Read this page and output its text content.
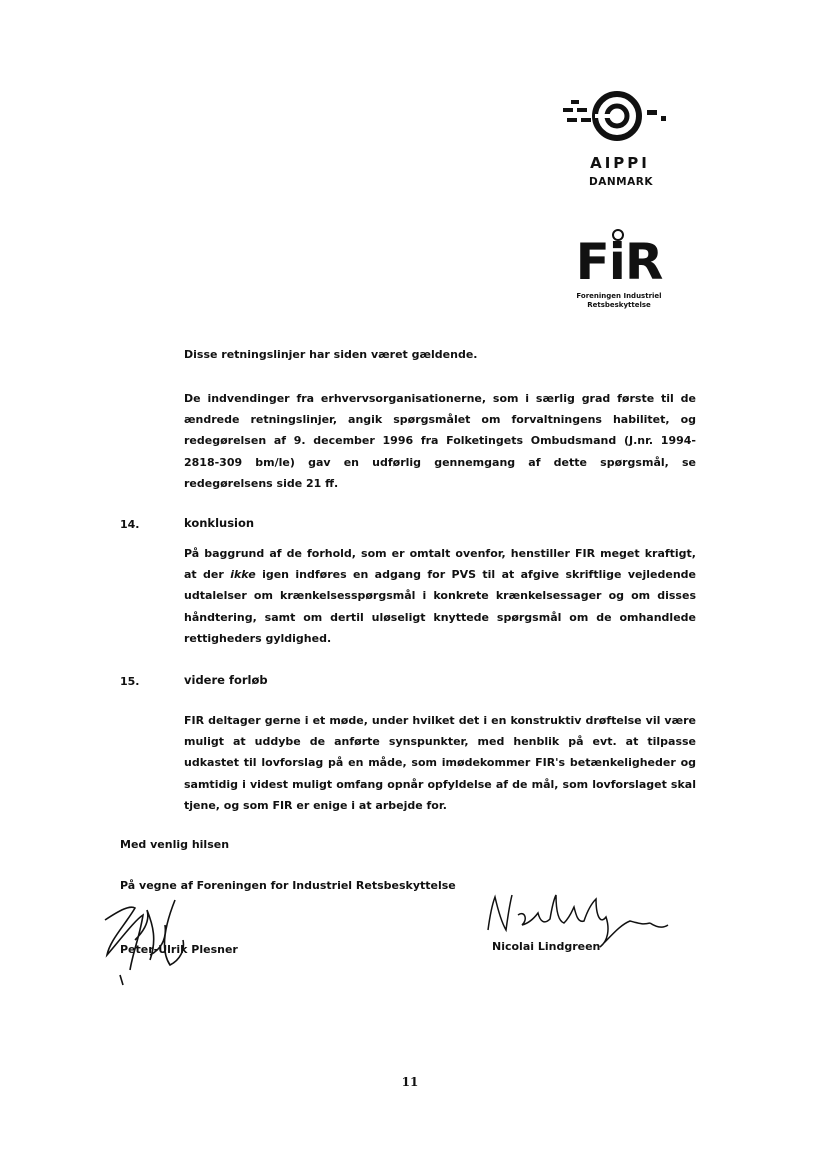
AIPPI
DANMARK
FiR
Foreningen Industriel
Retsbeskyttelse

Disse retningslinjer har siden været gældende.

De indvendinger fra erhvervsorganisationerne, som i særlig grad første til de ændrede retningslinjer, angik spørgsmålet om forvaltningens habilitet, og redegørelsen af 9. december 1996 fra Folketingets Ombudsmand (J.nr. 1994-2818-309 bm/le) gav en udførlig gennemgang af dette spørgsmål, se redegørelsens side 21 ff.

14.	konklusion

På baggrund af de forhold, som er omtalt ovenfor, henstiller FIR meget kraftigt, at der ikke igen indføres en adgang for PVS til at afgive skriftlige vejledende udtalelser om krænkelsesspørgsmål i konkrete krænkelsessager og om disses håndtering, samt om dertil uløseligt knyttede spørgsmål om de omhandlede rettigheders gyldighed.

15.	videre forløb

FIR deltager gerne i et møde, under hvilket det i en konstruktiv drøftelse vil være muligt at uddybe de anførte synspunkter, med henblik på evt. at tilpasse udkastet til lovforslag på en måde, som imødekommer FIR's betænkeligheder og samtidig i videst muligt omfang opnår opfyldelse af de mål, som lovforslaget skal tjene, og som FIR er enige i at arbejde for.

Med venlig hilsen
På vegne af Foreningen for Industriel Retsbeskyttelse
Peter-Ulrik Plesner	Nicolai Lindgreen
11
